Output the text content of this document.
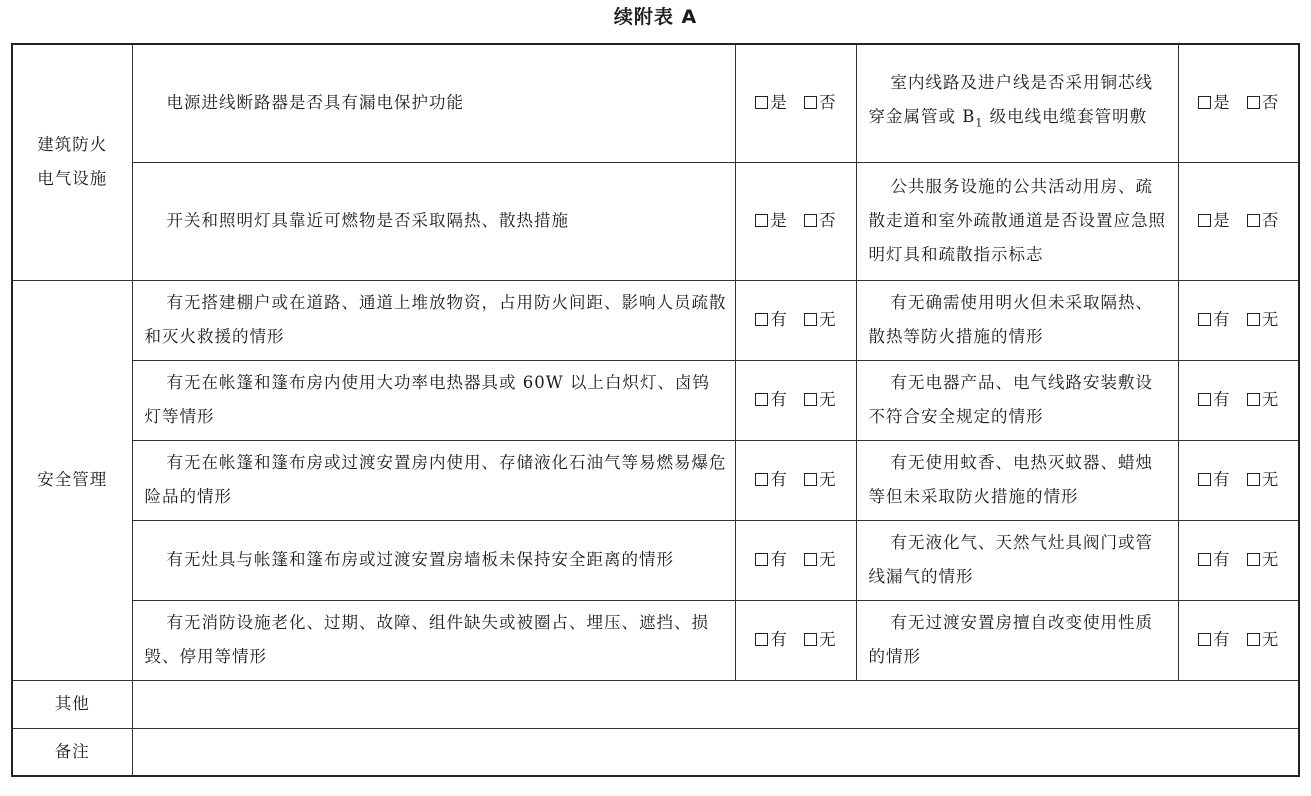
续附表 A
建筑防火
电气设施	电源进线断路器是否具有漏电保护功能	是 否	室内线路及进户线是否采用铜芯线穿金属管或 $B_1$ 级电线电缆套管明敷	是 否
	开关和照明灯具靠近可燃物是否采取隔热、散热措施	是 否	公共服务设施的公共活动用房、疏散走道和室外疏散通道是否设置应急照明灯具和疏散指示标志	是 否
安全管理	有无搭建棚户或在道路、通道上堆放物资，占用防火间距、影响人员疏散和灭火救援的情形	有 无	有无确需使用明火但未采取隔热、散热等防火措施的情形	有 无
	有无在帐篷和篷布房内使用大功率电热器具或 60W 以上白炽灯、卤钨灯等情形	有 无	有无电器产品、电气线路安装敷设不符合安全规定的情形	有 无
	有无在帐篷和篷布房或过渡安置房内使用、存储液化石油气等易燃易爆危险品的情形	有 无	有无使用蚊香、电热灭蚊器、蜡烛等但未采取防火措施的情形	有 无
	有无灶具与帐篷和篷布房或过渡安置房墙板未保持安全距离的情形	有 无	有无液化气、天然气灶具阀门或管线漏气的情形	有 无
	有无消防设施老化、过期、故障、组件缺失或被圈占、埋压、遮挡、损毁、停用等情形	有 无	有无过渡安置房擅自改变使用性质的情形	有 无
其他				
备注				
